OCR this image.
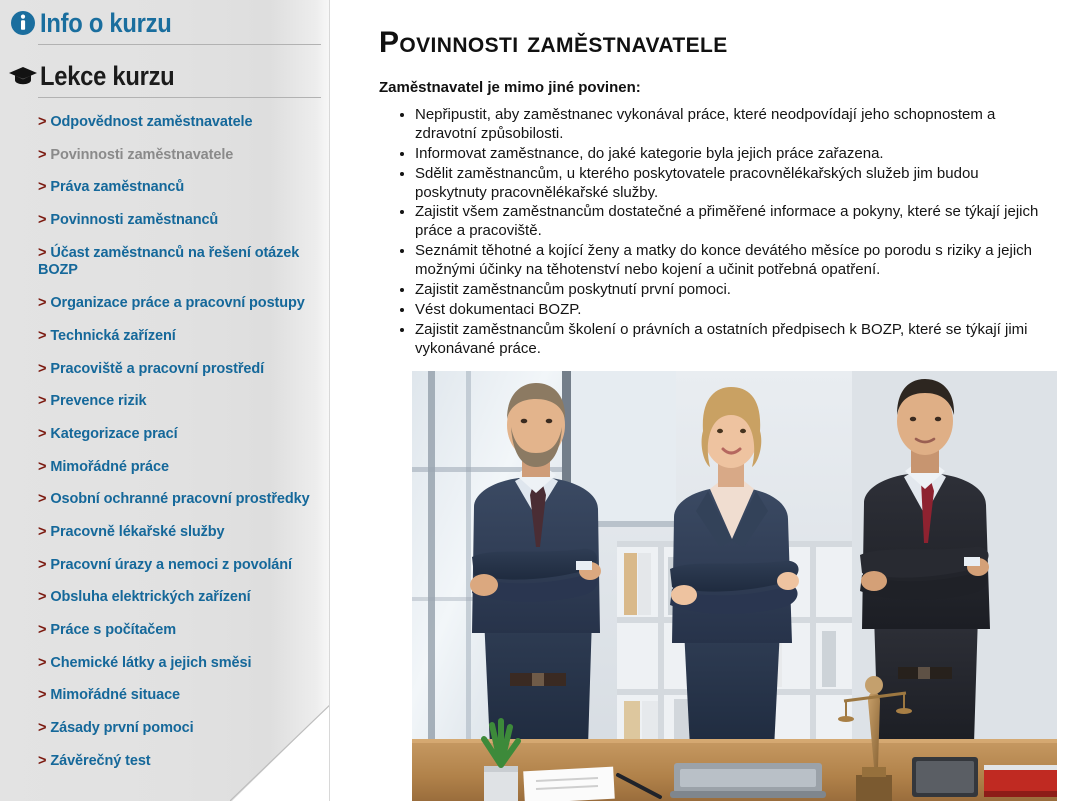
Info o kurzu
Lekce kurzu
> Odpovědnost zaměstnavatele
> Povinnosti zaměstnavatele
> Práva zaměstnanců
> Povinnosti zaměstnanců
> Účast zaměstnanců na řešení otázek BOZP
> Organizace práce a pracovní postupy
> Technická zařízení
> Pracoviště a pracovní prostředí
> Prevence rizik
> Kategorizace prací
> Mimořádné práce
> Osobní ochranné pracovní prostředky
> Pracovně lékařské služby
> Pracovní úrazy a nemoci z povolání
> Obsluha elektrických zařízení
> Práce s počítačem
> Chemické látky a jejich směsi
> Mimořádné situace
> Zásady první pomoci
> Závěrečný test
Povinnosti zaměstnavatele

Zaměstnavatel je mimo jiné povinen:

• Nepřipustit, aby zaměstnanec vykonával práce, které neodpovídají jeho schopnostem a zdravotní způsobilosti.
• Informovat zaměstnance, do jaké kategorie byla jejich práce zařazena.
• Sdělit zaměstnancům, u kterého poskytovatele pracovnělékařských služeb jim budou poskytnuty pracovnělékařské služby.
• Zajistit všem zaměstnancům dostatečné a přiměřené informace a pokyny, které se týkají jejich práce a pracoviště.
• Seznámit těhotné a kojící ženy a matky do konce devátého měsíce po porodu s riziky a jejich možnými účinky na těhotenství nebo kojení a učinit potřebná opatření.
• Zajistit zaměstnancům poskytnutí první pomoci.
• Vést dokumentaci BOZP.
• Zajistit zaměstnancům školení o právních a ostatních předpisech k BOZP, které se týkají jimi vykonávané práce.
